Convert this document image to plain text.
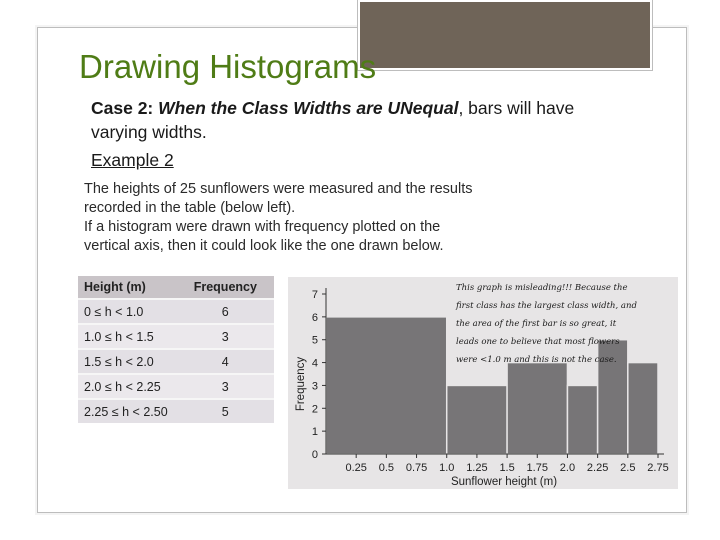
Drawing Histograms
Case 2: When the Class Widths are UNequal, bars will have varying widths.
Example 2
The heights of 25 sunflowers were measured and the results
recorded in the table (below left).
If a histogram were drawn with frequency plotted on the
vertical axis, then it could look like the one drawn below.
Height (m)	Frequency
0 ≤ h < 1.0	6
1.0 ≤ h < 1.5	3
1.5 ≤ h < 2.0	4
2.0 ≤ h < 2.25	3
2.25 ≤ h < 2.50	5
0
1
2
3
4
5
6
7
0.25 0.5 0.75 1.0 1.25 1.5 1.75 2.0 2.25 2.5 2.75
Sunflower height (m)
Frequency
This graph is misleading!!! Because the first class has the largest class width, and the area of the first bar is so great, it leads one to believe that most flowers were <1.0 m and this is not the case.
